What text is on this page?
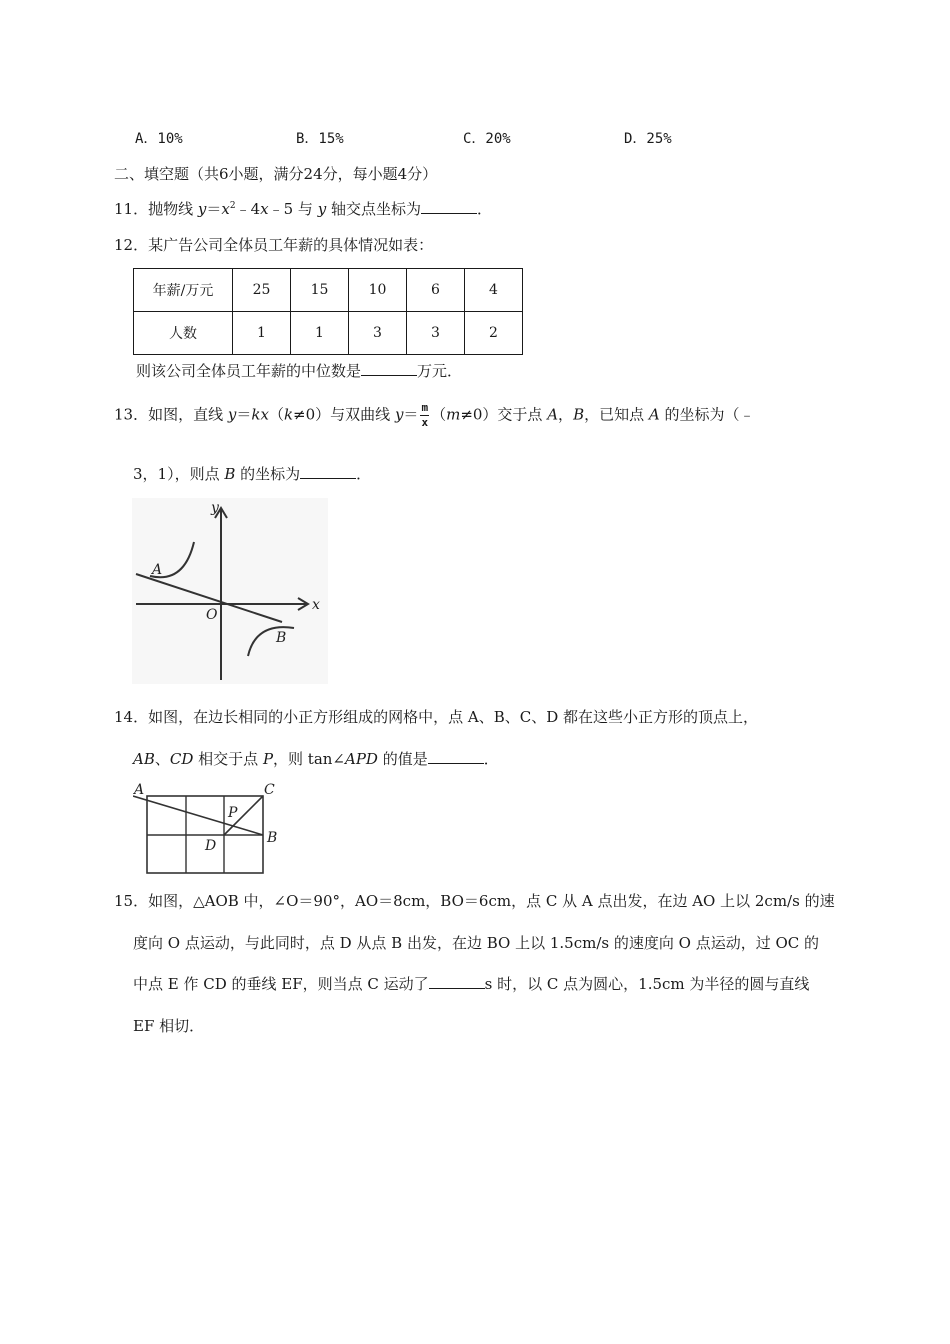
A．10%	B．15%	C．20%	D．25%
二、填空题（共6小题，满分24分，每小题4分）
11．抛物线 $y=x^2﹣4x﹣5$ 与 y 轴交点坐标为	．
12．某广告公司全体员工年薪的具体情况如表：
年薪/万元	25	15	10	6	4
人数	1	1	3	3	2
则该公司全体员工年薪的中位数是	万元．
13．如图，直线 y＝kx（k≠0）与双曲线 $y= \frac{m}{x} (m\ne 0)$交于点 A，B，已知点 A 的坐标为（﹣
3，1），则点 B 的坐标为	．
y
x
O
A
B
14．如图，在边长相同的小正方形组成的网格中，点 A、B、C、D 都在这些小正方形的顶点上，
AB、CD 相交于点 P，则 tan∠APD 的值是	．
A	C
B
D
P
15．如图，△AOB 中，∠O＝90°，AO＝8cm，BO＝6cm，点 C 从 A 点出发，在边 AO 上以 2cm/s 的速
度向 O 点运动，与此同时，点 D 从点 B 出发，在边 BO 上以 1.5cm/s 的速度向 O 点运动，过 OC 的
中点 E 作 CD 的垂线 EF，则当点 C 运动了	s 时，以 C 点为圆心，1.5cm 为半径的圆与直线
EF 相切．
